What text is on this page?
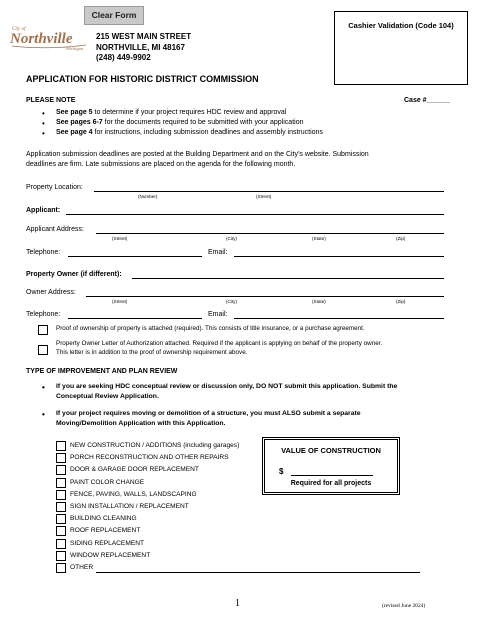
Clear Form
City of
Northville
Michigan
215 WEST MAIN STREET
NORTHVILLE, MI 48167
(248) 449-9902
Cashier Validation (Code 104)
APPLICATION FOR HISTORIC DISTRICT COMMISSION
PLEASE NOTE	Case #______
• See page 5 to determine if your project requires HDC review and approval
• See pages 6-7 for the documents required to be submitted with your application
• See page 4 for instructions, including submission deadlines and assembly instructions
Application submission deadlines are posted at the Building Department and on the City’s website. Submission
deadlines are firm. Late submissions are placed on the agenda for the following month.
Property Location:
(Number)	(Street)
Applicant:
Applicant Address:
(Street)	(City)	(State)	(Zip)
Telephone:	Email:
Property Owner (if different):
Owner Address:
(Street)	(City)	(State)	(Zip)
Telephone:	Email:
Proof of ownership of property is attached (required). This consists of title insurance, or a purchase agreement.
Property Owner Letter of Authorization attached. Required if the applicant is applying on behalf of the property owner.
This letter is in addition to the proof of ownership requirement above.
TYPE OF IMPROVEMENT AND PLAN REVIEW
• If you are seeking HDC conceptual review or discussion only, DO NOT submit this application. Submit the
Conceptual Review Application.
• If your project requires moving or demolition of a structure, you must ALSO submit a separate
Moving/Demolition Application with this Application.
NEW CONSTRUCTION / ADDITIONS (including garages)
PORCH RECONSTRUCTION AND OTHER REPAIRS
DOOR & GARAGE DOOR REPLACEMENT
PAINT COLOR CHANGE
FENCE, PAVING, WALLS, LANDSCAPING
SIGN INSTALLATION / REPLACEMENT
BUILDING CLEANING
ROOF REPLACEMENT
SIDING REPLACEMENT
WINDOW REPLACEMENT
OTHER
VALUE OF CONSTRUCTION
$
Required for all projects
1	(revised June 2024)
